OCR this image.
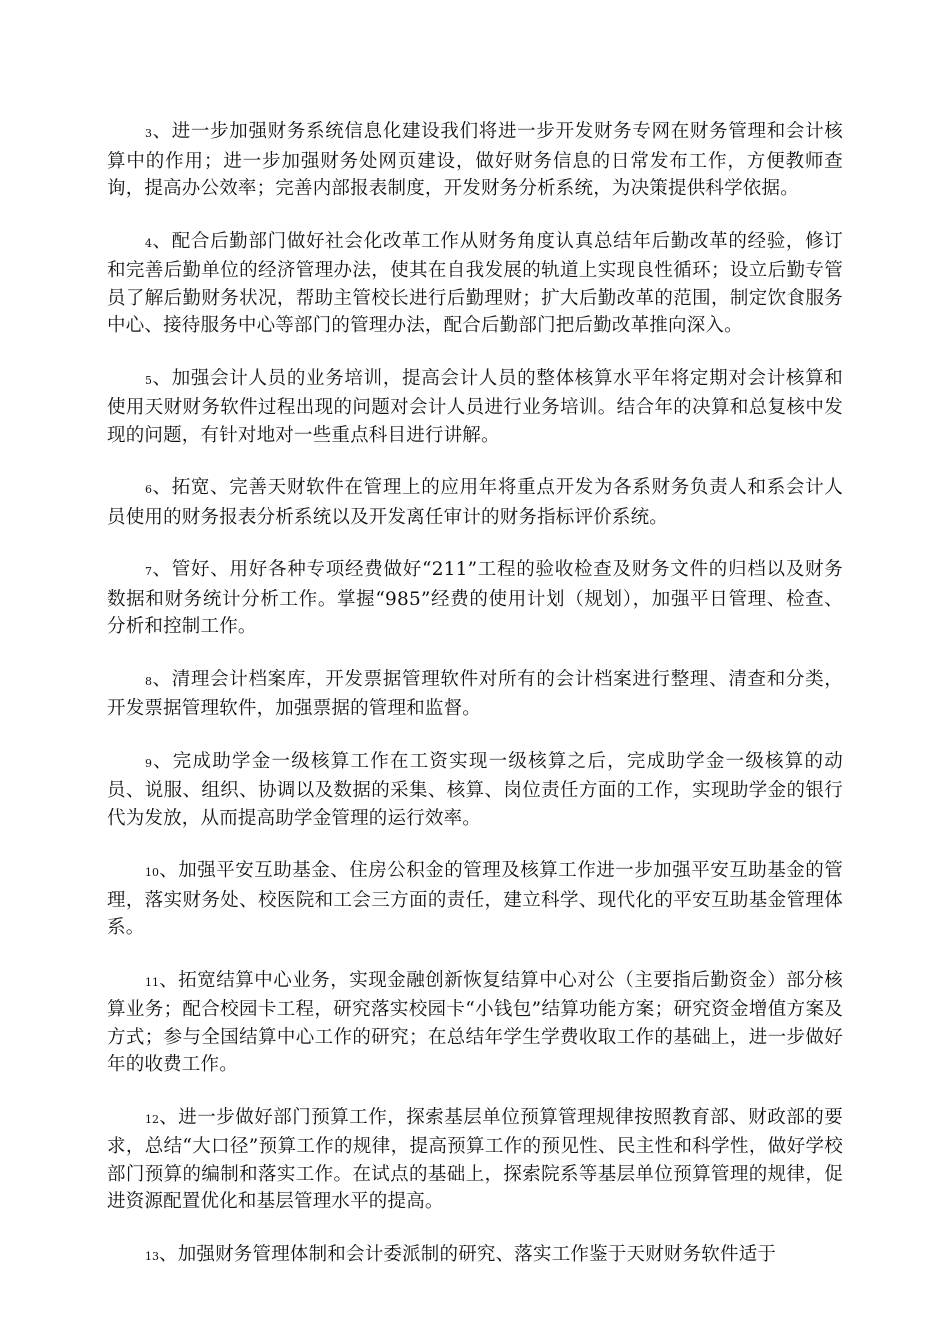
3、进一步加强财务系统信息化建设我们将进一步开发财务专网在财务管理和会计核算中的作用；进一步加强财务处网页建设，做好财务信息的日常发布工作，方便教师查询，提高办公效率；完善内部报表制度，开发财务分析系统，为决策提供科学依据。

4、配合后勤部门做好社会化改革工作从财务角度认真总结年后勤改革的经验，修订和完善后勤单位的经济管理办法，使其在自我发展的轨道上实现良性循环；设立后勤专管员了解后勤财务状况，帮助主管校长进行后勤理财；扩大后勤改革的范围，制定饮食服务中心、接待服务中心等部门的管理办法，配合后勤部门把后勤改革推向深入。

5、加强会计人员的业务培训，提高会计人员的整体核算水平年将定期对会计核算和使用天财财务软件过程出现的问题对会计人员进行业务培训。结合年的决算和总复核中发现的问题，有针对地对一些重点科目进行讲解。

6、拓宽、完善天财软件在管理上的应用年将重点开发为各系财务负责人和系会计人员使用的财务报表分析系统以及开发离任审计的财务指标评价系统。

7、管好、用好各种专项经费做好“211”工程的验收检查及财务文件的归档以及财务数据和财务统计分析工作。掌握“985”经费的使用计划（规划），加强平日管理、检查、分析和控制工作。

8、清理会计档案库，开发票据管理软件对所有的会计档案进行整理、清查和分类，开发票据管理软件，加强票据的管理和监督。

9、完成助学金一级核算工作在工资实现一级核算之后，完成助学金一级核算的动员、说服、组织、协调以及数据的采集、核算、岗位责任方面的工作，实现助学金的银行代为发放，从而提高助学金管理的运行效率。

10、加强平安互助基金、住房公积金的管理及核算工作进一步加强平安互助基金的管理，落实财务处、校医院和工会三方面的责任，建立科学、现代化的平安互助基金管理体系。

11、拓宽结算中心业务，实现金融创新恢复结算中心对公（主要指后勤资金）部分核算业务；配合校园卡工程，研究落实校园卡“小钱包”结算功能方案；研究资金增值方案及方式；参与全国结算中心工作的研究；在总结年学生学费收取工作的基础上，进一步做好年的收费工作。

12、进一步做好部门预算工作，探索基层单位预算管理规律按照教育部、财政部的要求，总结“大口径”预算工作的规律，提高预算工作的预见性、民主性和科学性，做好学校部门预算的编制和落实工作。在试点的基础上，探索院系等基层单位预算管理的规律，促进资源配置优化和基层管理水平的提高。

13、加强财务管理体制和会计委派制的研究、落实工作鉴于天财财务软件适于
